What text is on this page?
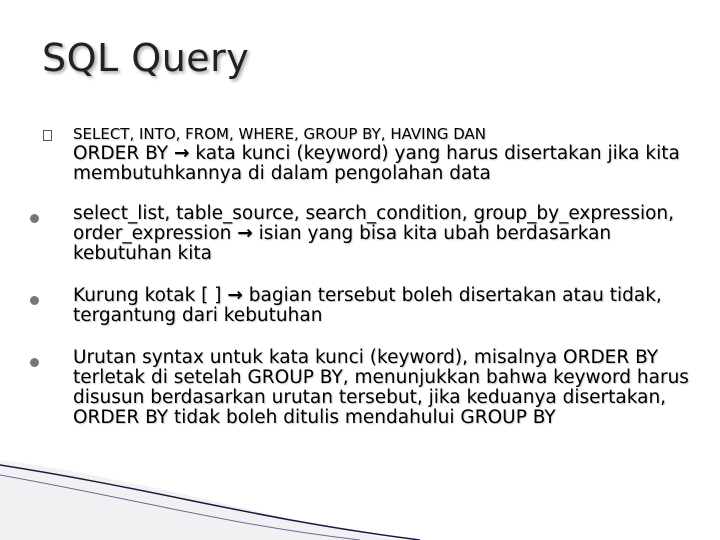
SQL Query
SELECT, INTO, FROM, WHERE, GROUP BY, HAVING DAN
ORDER BY → kata kunci (keyword) yang harus disertakan jika kita membutuhkannya di dalam pengolahan data
select_list, table_source, search_condition, group_by_expression, order_expression → isian yang bisa kita ubah berdasarkan kebutuhan kita
Kurung kotak [ ] → bagian tersebut boleh disertakan atau tidak, tergantung dari kebutuhan
Urutan syntax untuk kata kunci (keyword), misalnya ORDER BY terletak di setelah GROUP BY, menunjukkan bahwa keyword harus disusun berdasarkan urutan tersebut, jika keduanya disertakan, ORDER BY tidak boleh ditulis mendahului GROUP BY
